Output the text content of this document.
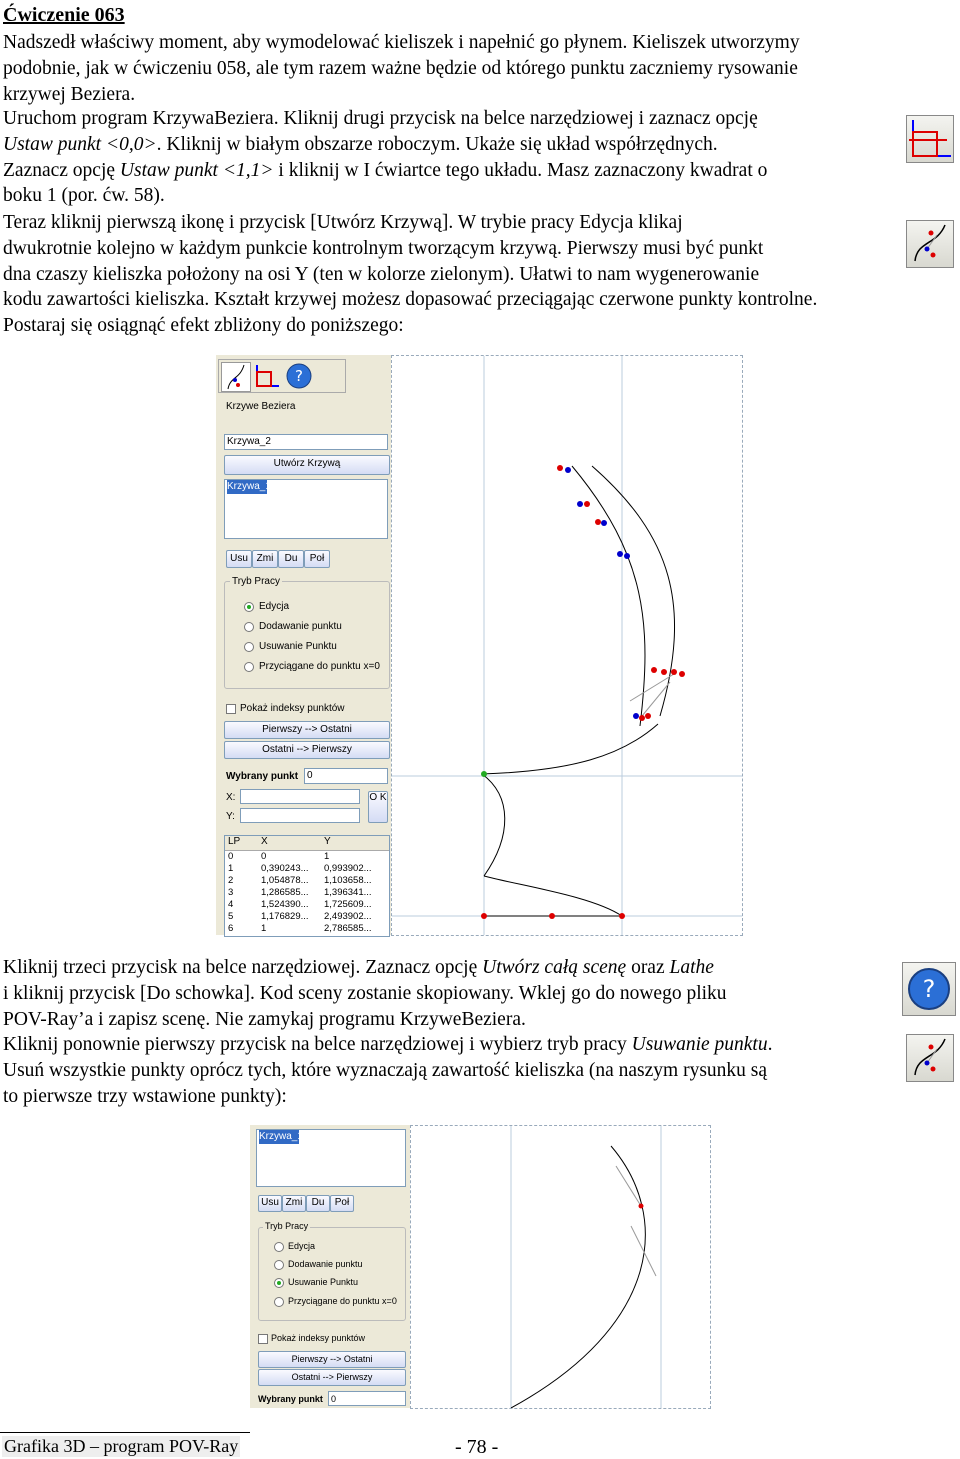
Ćwiczenie 063
Nadszedł właściwy moment, aby wymodelować kieliszek i napełnić go płynem. Kieliszek utworzymy
podobnie, jak w ćwiczeniu 058, ale tym razem ważne będzie od którego punktu zaczniemy rysowanie
krzywej Beziera.
Uruchom program KrzywaBeziera. Kliknij drugi przycisk na belce narzędziowej i zaznacz opcję
Ustaw punkt <0,0>. Kliknij w białym obszarze roboczym. Ukaże się układ współrzędnych.
Zaznacz opcję Ustaw punkt <1,1> i kliknij w I ćwiartce tego układu. Masz zaznaczony kwadrat o
boku 1 (por. ćw. 58).
Teraz kliknij pierwszą ikonę i przycisk [Utwórz Krzywą]. W trybie pracy Edycja klikaj
dwukrotnie kolejno w każdym punkcie kontrolnym tworzącym krzywą. Pierwszy musi być punkt
dna czaszy kieliszka położony na osi Y (ten w kolorze zielonym). Ułatwi to nam wygenerowanie
kodu zawartości kieliszka. Kształt krzywej możesz dopasować przeciągając czerwone punkty kontrolne.
Postaraj się osiągnąć efekt zbliżony do poniższego:
?
Krzywe Beziera
Krzywa_2
Utwórz Krzywą
Krzywa_1
Usu Zmi	Du	Poł
Tryb Pracy
Edycja
Dodawanie punktu
Usuwanie Punktu
Przyciągane do punktu x=0
Pokaż indeksy punktów
Pierwszy --> Ostatni
Ostatni --> Pierwszy
Wybrany punkt 0
X:
Y:
O K
LP	X	Y
0	0	1
1	0,390243...	0,993902...
2	1,054878...	1,103658...
3	1,286585...	1,396341...
4	1,524390...	1,725609...
5	1,176829...	2,493902...
6	1	2,786585...
Kliknij trzeci przycisk na belce narzędziowej. Zaznacz opcję Utwórz całą scenę oraz Lathe
i kliknij przycisk [Do schowka]. Kod sceny zostanie skopiowany. Wklej go do nowego pliku
POV-Ray’a i zapisz scenę. Nie zamykaj programu KrzyweBeziera.
?
Kliknij ponownie pierwszy przycisk na belce narzędziowej i wybierz tryb pracy Usuwanie punktu.
Usuń wszystkie punkty oprócz tych, które wyznaczają zawartość kieliszka (na naszym rysunku są
to pierwsze trzy wstawione punkty):
Krzywa_1
Usu Zmi Du	Poł
Tryb Pracy
Edycja
Dodawanie punktu
Usuwanie Punktu
Przyciągane do punktu x=0
Pokaż indeksy punktów
Pierwszy --> Ostatni
Ostatni --> Pierwszy
Wybrany punkt 0
Grafika 3D – program POV-Ray	- 78 -
